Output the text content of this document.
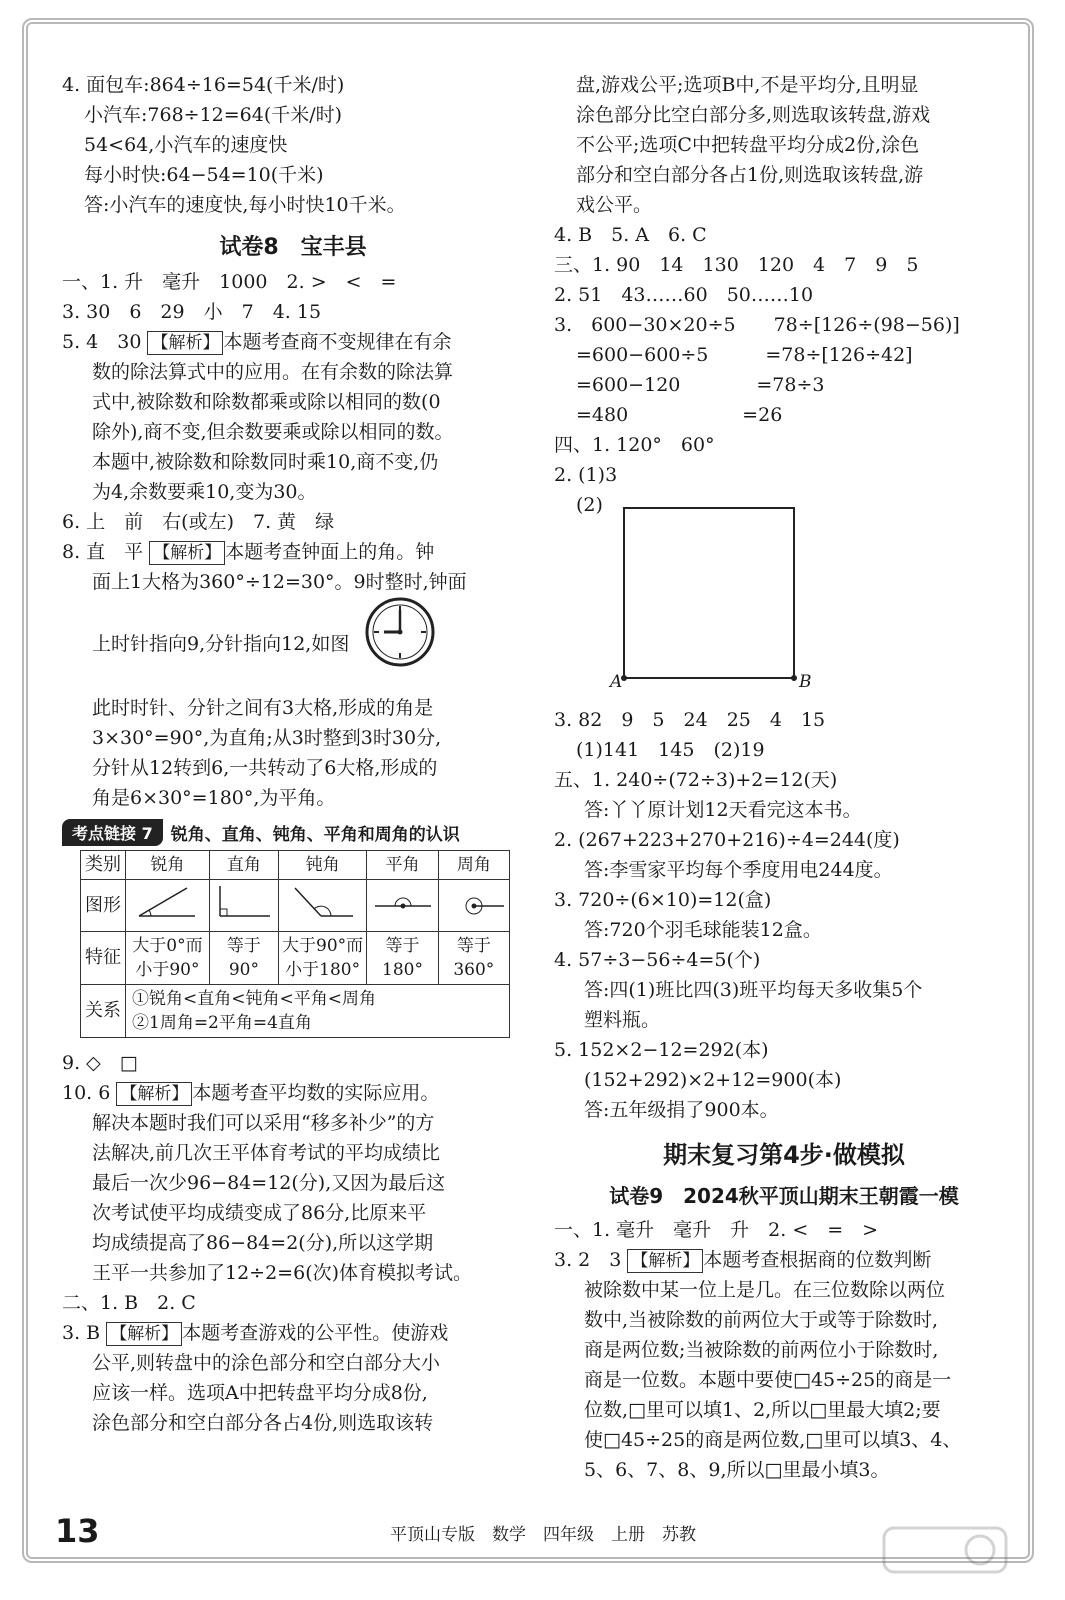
4. 面包车:864÷16=54(千米/时)
小汽车:768÷12=64(千米/时)
54<64,小汽车的速度快
每小时快:64−54=10(千米)
答:小汽车的速度快,每小时快10千米。
试卷8　宝丰县
一、1. 升　毫升　1000　2. >　<　=
3. 30　6　29　小　7　4. 15
5. 4　30 【解析】 本题考查商不变规律在有余
数的除法算式中的应用。在有余数的除法算
式中,被除数和除数都乘或除以相同的数(0
除外),商不变,但余数要乘或除以相同的数。
本题中,被除数和除数同时乘10,商不变,仍
为4,余数要乘10,变为30。
6. 上　前　右(或左)　7. 黄　绿
8. 直　平 【解析】 本题考查钟面上的角。钟
面上1大格为360°÷12=30°。9时整时,钟面
上时针指向9,分针指向12,如图
此时时针、分针之间有3大格,形成的角是
3×30°=90°,为直角;从3时整到3时30分,
分针从12转到6,一共转动了6大格,形成的
角是6×30°=180°,为平角。
考点链接 7	锐角、直角、钝角、平角和周角的认识
类别	锐角	直角	钝角	平角	周角
图形					
特征	大于0°而小于90°	等于90°	大于90°而小于180°	等于180°	等于360°
关系	①锐角<直角<钝角<平角<周角
②1周角=2平角=4直角				
9. ◇　□
10. 6 【解析】 本题考查平均数的实际应用。
解决本题时我们可以采用“移多补少”的方
法解决,前几次王平体育考试的平均成绩比
最后一次少96−84=12(分),又因为最后这
次考试使平均成绩变成了86分,比原来平
均成绩提高了86−84=2(分),所以这学期
王平一共参加了12÷2=6(次)体育模拟考试。
二、1. B　2. C
3. B 【解析】 本题考查游戏的公平性。使游戏
公平,则转盘中的涂色部分和空白部分大小
应该一样。选项A中把转盘平均分成8份,
涂色部分和空白部分各占4份,则选取该转
盘,游戏公平;选项B中,不是平均分,且明显
涂色部分比空白部分多,则选取该转盘,游戏
不公平;选项C中把转盘平均分成2份,涂色
部分和空白部分各占1份,则选取该转盘,游
戏公平。
4. B　5. A　6. C
三、1. 90　14　130　120　4　7　9　5
2. 51　43……60　50……10
3.　600−30×20÷5　　78÷[126÷(98−56)]
=600−600÷5　　　=78÷[126÷42]
=600−120　　　　=78÷3
=480　　　　　　=26
四、1. 120°　60°
2. (1)3
(2)
A	B
3. 82　9　5　24　25　4　15
(1)141　145　(2)19
五、1. 240÷(72÷3)+2=12(天)
答:丫丫原计划12天看完这本书。
2. (267+223+270+216)÷4=244(度)
答:李雪家平均每个季度用电244度。
3. 720÷(6×10)=12(盒)
答:720个羽毛球能装12盒。
4. 57÷3−56÷4=5(个)
答:四(1)班比四(3)班平均每天多收集5个
塑料瓶。
5. 152×2−12=292(本)
(152+292)×2+12=900(本)
答:五年级捐了900本。
期末复习第4步·做模拟
试卷9　2024秋平顶山期末王朝霞一模
一、1. 毫升　毫升　升　2. <　=　>
3. 2　3 【解析】 本题考查根据商的位数判断
被除数中某一位上是几。在三位数除以两位
数中,当被除数的前两位大于或等于除数时,
商是两位数;当被除数的前两位小于除数时,
商是一位数。本题中要使□45÷25的商是一
位数,□里可以填1、2,所以□里最大填2;要
使□45÷25的商是两位数,□里可以填3、4、
5、6、7、8、9,所以□里最小填3。
13	平顶山专版　数学　四年级　上册　苏教
